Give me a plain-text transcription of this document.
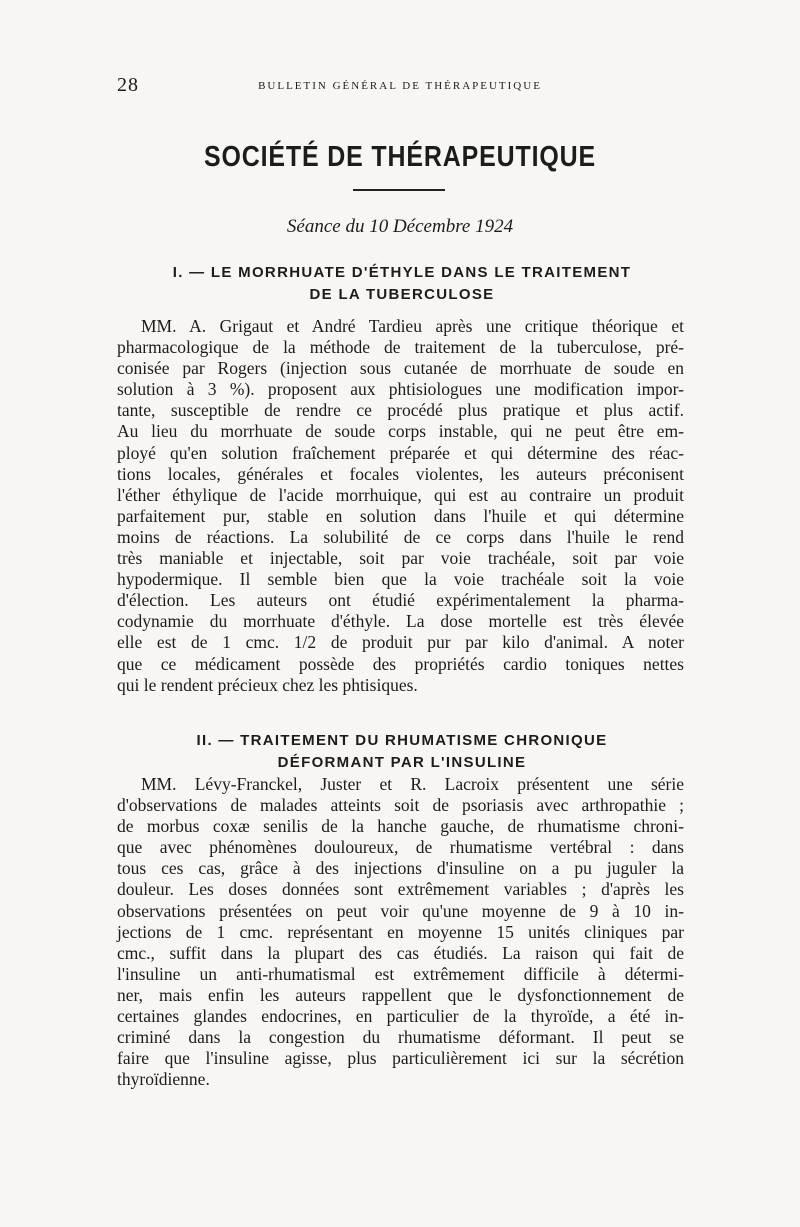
28	BULLETIN GÉNÉRAL DE THÉRAPEUTIQUE
SOCIÉTÉ DE THÉRAPEUTIQUE
Séance du 10 Décembre 1924
I. — LE MORRHUATE D'ÉTHYLE DANS LE TRAITEMENT
DE LA TUBERCULOSE
MM. A. Grigaut et André Tardieu après une critique théorique et
pharmacologique de la méthode de traitement de la tuberculose, pré-
conisée par Rogers (injection sous cutanée de morrhuate de soude en
solution à 3 %). proposent aux phtisiologues une modification impor-
tante, susceptible de rendre ce procédé plus pratique et plus actif.
Au lieu du morrhuate de soude corps instable, qui ne peut être em-
ployé qu'en solution fraîchement préparée et qui détermine des réac-
tions locales, générales et focales violentes, les auteurs préconisent
l'éther éthylique de l'acide morrhuique, qui est au contraire un produit
parfaitement pur, stable en solution dans l'huile et qui détermine
moins de réactions. La solubilité de ce corps dans l'huile le rend
très maniable et injectable, soit par voie trachéale, soit par voie
hypodermique. Il semble bien que la voie trachéale soit la voie
d'élection. Les auteurs ont étudié expérimentalement la pharma-
codynamie du morrhuate d'éthyle. La dose mortelle est très élevée
elle est de 1 cmc. 1/2 de produit pur par kilo d'animal. A noter
que ce médicament possède des propriétés cardio toniques nettes
qui le rendent précieux chez les phtisiques.
II. — TRAITEMENT DU RHUMATISME CHRONIQUE
DÉFORMANT PAR L'INSULINE
MM. Lévy-Franckel, Juster et R. Lacroix présentent une série
d'observations de malades atteints soit de psoriasis avec arthropathie ;
de morbus coxæ senilis de la hanche gauche, de rhumatisme chroni-
que avec phénomènes douloureux, de rhumatisme vertébral : dans
tous ces cas, grâce à des injections d'insuline on a pu juguler la
douleur. Les doses données sont extrêmement variables ; d'après les
observations présentées on peut voir qu'une moyenne de 9 à 10 in-
jections de 1 cmc. représentant en moyenne 15 unités cliniques par
cmc., suffit dans la plupart des cas étudiés. La raison qui fait de
l'insuline un anti-rhumatismal est extrêmement difficile à détermi-
ner, mais enfin les auteurs rappellent que le dysfonctionnement de
certaines glandes endocrines, en particulier de la thyroïde, a été in-
criminé dans la congestion du rhumatisme déformant. Il peut se
faire que l'insuline agisse, plus particulièrement ici sur la sécrétion
thyroïdienne.
